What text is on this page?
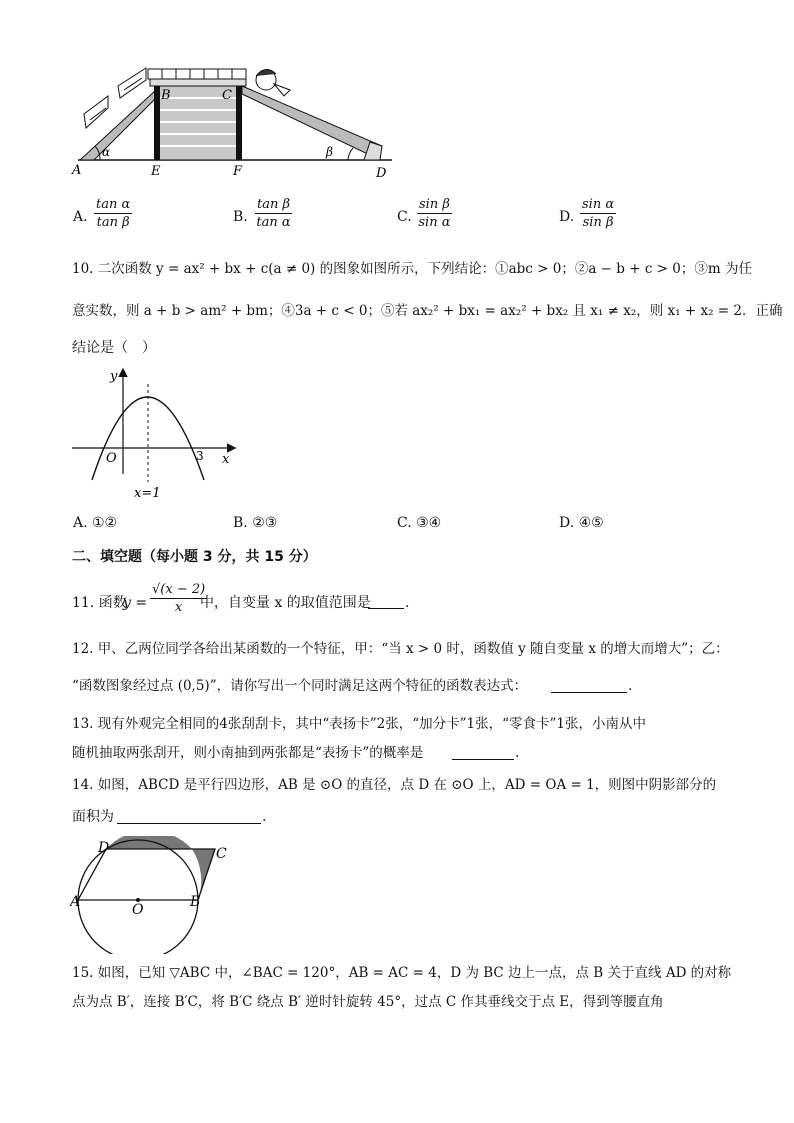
A
B	C
D
E	F
α	β
A. $\frac{\text{tan α}}{\text{tan β}}$	B. $\frac{\text{tan β}}{\text{tan α}}$	C. $\frac{\text{sin β}}{\text{sin α}}$	D. $\frac{\text{sin α}}{\text{sin β}}$
10. 二次函数 y = ax² + bx + c(a ≠ 0) 的图象如图所示，下列结论：①abc > 0；②a − b + c > 0；③m 为任
意实数，则 a + b > am² + bm；④3a + c < 0；⑤若 ax₂² + bx₁ = ax₂² + bx₂ 且 x₁ ≠ x₂，则 x₁ + x₂ = 2．正确
结论是（　）
y
x
O	3
x=1
A. ①②	B. ②③	C. ③④	D. ④⑤
二、填空题（每小题 3 分，共 15 分）
11. 函数
$y = \frac{√(x - 2)}{x}$
中，自变量 x 的取值范围是 .
12. 甲、乙两位同学各给出某函数的一个特征，甲：“当 x > 0 时，函数值 y 随自变量 x 的增大而增大”；乙：
“函数图象经过点 (0,5)”，请你写出一个同时满足这两个特征的函数表达式：	.
13. 现有外观完全相同的4张刮刮卡，其中“表扬卡”2张，“加分卡”1张，“零食卡”1张，小南从中
随机抽取两张刮开，则小南抽到两张都是“表扬卡”的概率是	.
14. 如图，ABCD 是平行四边形，AB 是 ⊙O 的直径，点 D 在 ⊙O 上，AD = OA = 1，则图中阴影部分的
面积为	.
A	B
C
D
O
15. 如图，已知 ▽ABC 中，∠BAC = 120°，AB = AC = 4，D 为 BC 边上一点，点 B 关于直线 AD 的对称
点为点 B′，连接 B′C，将 B′C 绕点 B′ 逆时针旋转 45°，过点 C 作其垂线交于点 E，得到等腰直角
